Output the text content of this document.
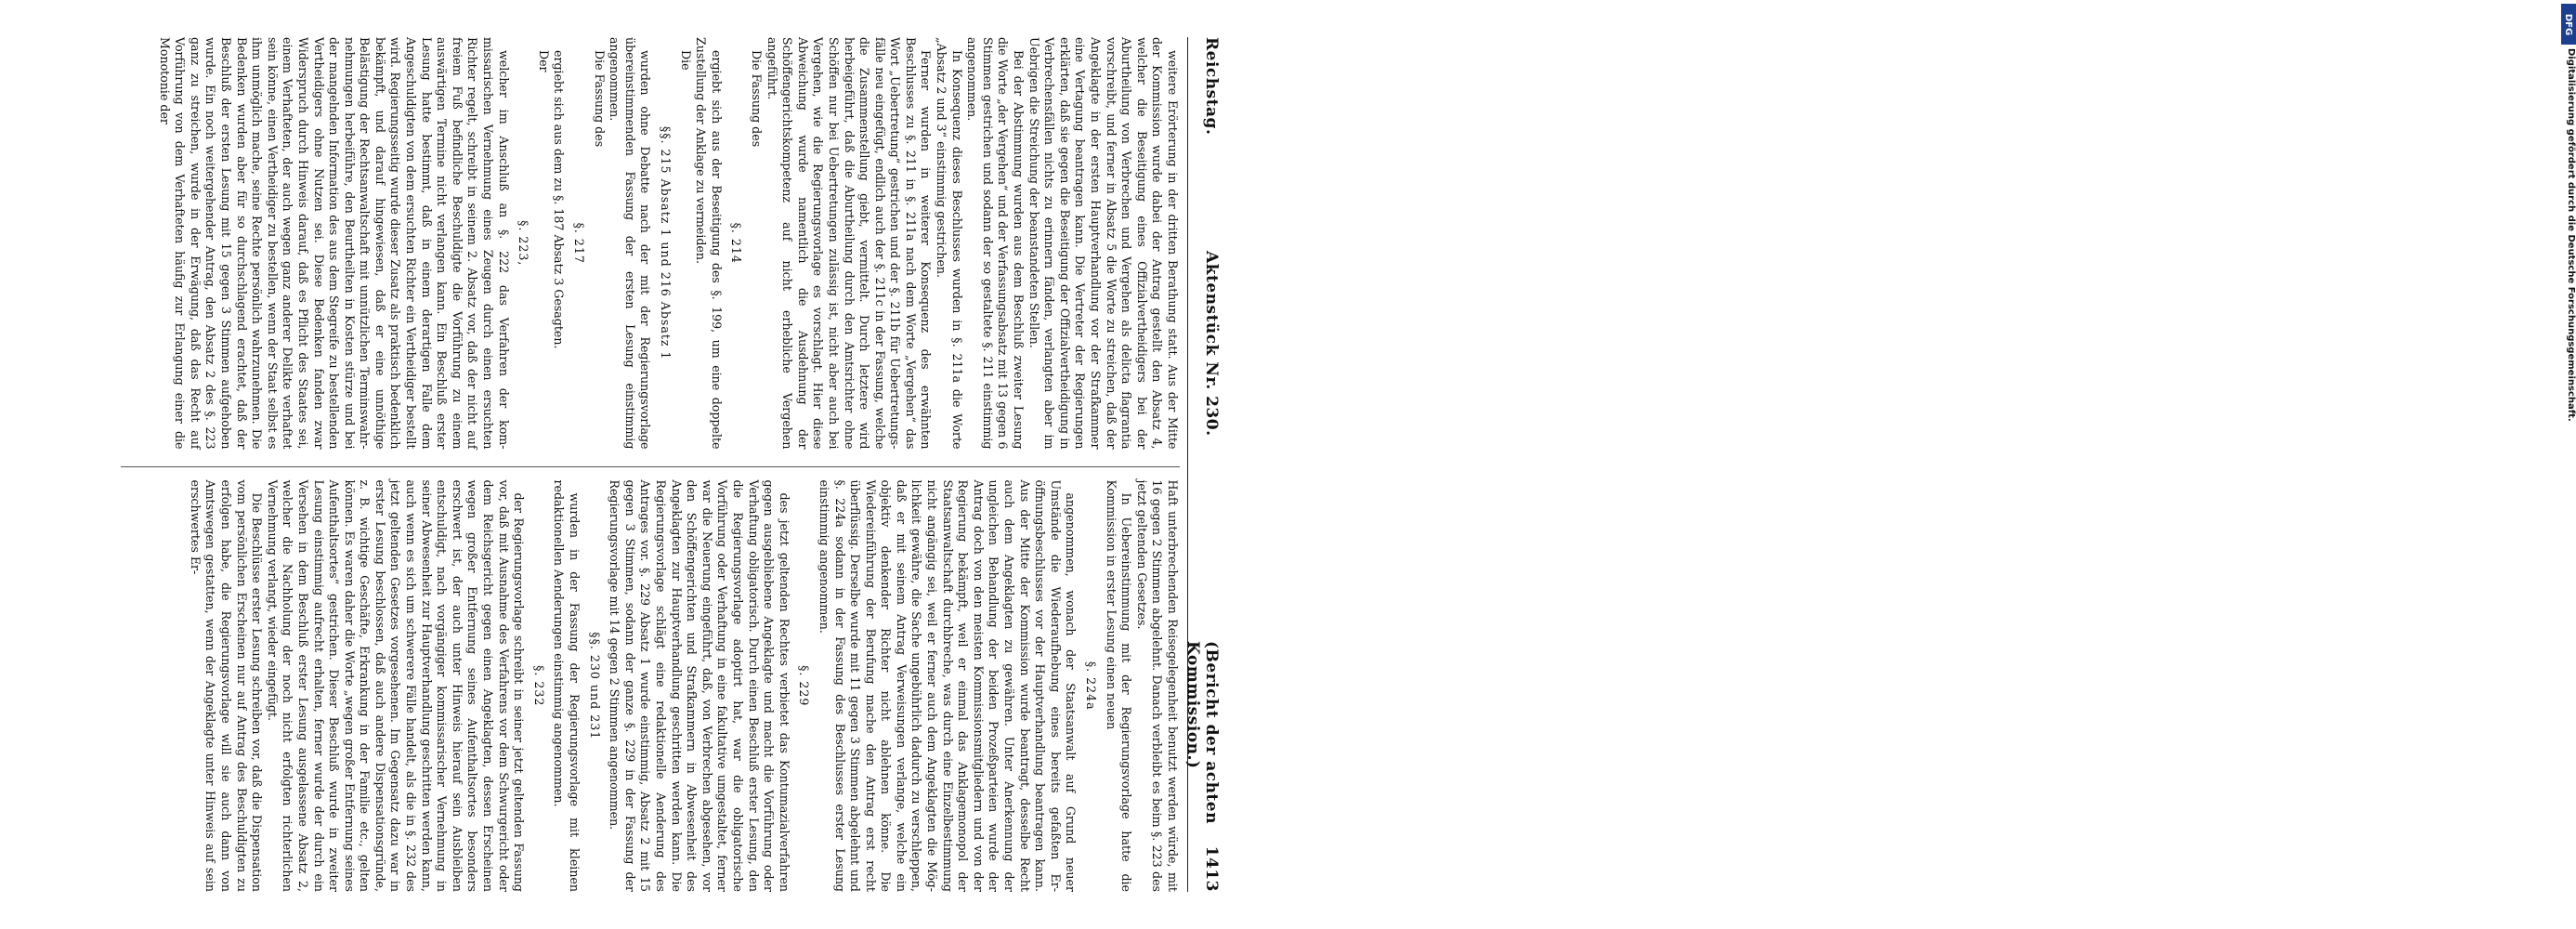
Reichstag.
Aktenstück Nr. 230.
(Bericht der achten Kommission.)
1413

weitere Erörterung in der dritten Berathung statt. Aus der Mitte der Kommission wurde dabei der Antrag gestellt den Absatz 4, welcher die Beseitigung eines Offizialvertheidigers bei der Aburtheilung von Verbrechen und Vergehen als delicta flagrantia vorschreibt, und ferner in Absatz 5 die Worte zu streichen, daß der Angeklagte in der ersten Hauptverhandlung vor der Strafkammer eine Vertagung beantragen kann. Die Vertreter der Regierungen erklärten, daß sie gegen die Beseitigung der Offizialvertheidigung in Verbrechensfällen nichts zu erinnern fänden, verlangten aber im Uebrigen die Streichung der beanstandeten Stellen.

Bei der Abstimmung wurden aus dem Beschluß zweiter Lesung die Worte „der Vergehen“ und der Verfassungsabsatz mit 13 gegen 6 Stimmen gestrichen und sodann der so gestaltete §. 211 einstimmig angenommen.

In Konsequenz dieses Beschlusses wurden in §. 211a die Worte „Absatz 2 und 3“ einstimmig gestrichen.

Ferner wurden in weiterer Konsequenz des erwähnten Beschlusses zu §. 211 in §. 211a nach dem Worte „Vergehen“ das Wort „Uebertretung“ gestrichen und der §. 211b für Uebertretungsfälle neu eingefügt, endlich auch der §. 211c in der Fassung, welche die Zusammenstellung giebt, vermittelt. Durch letztere wird herbeigeführt, daß die Aburtheilung durch den Amtsrichter ohne Schöffen nur bei Uebertretungen zulässig ist, nicht aber auch bei Vergehen, wie die Regierungsvorlage es vorschlagt. Hier diese Abweichung wurde namentlich die Ausdehnung der Schöffengerichtskompetenz auf nicht erhebliche Vergehen angeführt.

Die Fassung des

§. 214

ergiebt sich aus der Beseitigung des §. 199, um eine doppelte Zustellung der Anklage zu vermeiden.

Die

§§. 215 Absatz 1 und 216 Absatz 1

wurden ohne Debatte nach der mit der Regierungsvorlage übereinstimmenden Fassung der ersten Lesung einstimmig angenommen.

Die Fassung des

§. 217

ergiebt sich aus dem zu §. 187 Absatz 3 Gesagten.

Der

§. 223,

welcher im Anschluß an §. 222 das Verfahren der kommissarischen Vernehmung eines Zeugen durch einen ersuchten Richter regelt, schreibt in seinem 2. Absatz vor, daß der nicht auf freiem Fuß befindliche Beschuldigte die Vorführung zu einem auswärtigen Termine nicht verlangen kann. Ein Beschluß erster Lesung hatte bestimmt, daß in einem derartigen Falle dem Angeschuldigten von dem ersuchten Richter ein Vertheidiger bestellt wird. Regierungsseitig wurde dieser Zusatz als praktisch bedenklich bekämpft, und darauf hingewiesen, daß er eine unnöthige Belästigung der Rechtsanwaltschaft mit unnützlichen Terminswahrnehmungen herbeiführe, den Beurtheilten in Kosten stürze und bei der mangelnden Information des aus dem Stegreife zu bestellenden Vertheidigers ohne Nutzen sei. Diese Bedenken fanden zwar Widerspruch durch Hinweis darauf, daß es Pflicht des Staates sei, einem Verhafteten, der auch wegen ganz anderer Delikte verhaftet sein könne, einen Vertheidiger zu bestellen, wenn der Staat selbst es ihm unmöglich mache, seine Rechte persönlich wahrzunehmen. Die Bedenken wurden aber für so durchschlagend erachtet, daß der Beschluß der ersten Lesung mit 15 gegen 3 Stimmen aufgehoben wurde. Ein noch weitergehender Antrag, den Absatz 2 des §. 223 ganz zu streichen, wurde in der Erwägung, daß das Recht auf Vorführung von dem Verhafteten häufig zur Erlangung einer die Monotonie der

Haft unterbrechenden Reisegelegenheit benutzt werden würde, mit 16 gegen 2 Stimmen abgelehnt. Danach verbleibt es beim §. 223 des jetzt geltenden Gesetzes.

In Uebereinstimmung mit der Regierungsvorlage hatte die Kommission in erster Lesung einen neuen

§. 224a

angenommen, wonach der Staatsanwalt auf Grund neuer Umstände die Wiederaufhebung eines bereits gefaßten Eröffnungsbeschlusses vor der Hauptverhandlung beantragen kann. Aus der Mitte der Kommission wurde beantragt, desselbe Recht auch dem Angeklagten zu gewähren. Unter Anerkennung der ungleichen Behandlung der beiden Prozeßparteien wurde der Antrag doch von den meisten Kommissionsmitgliedern und von der Regierung bekämpft, weil er einmal das Anklagemonopol der Staatsanwaltschaft durchbreche, was durch eine Einzelbestimmung nicht angängig sei, weil er ferner auch dem Angeklagten die Möglichkeit gewähre, die Sache ungebührlich dadurch zu verschleppen, daß er mit seinem Antrag Verweisungen verlange, welche ein objektiv denkender Richter nicht ablehnen könne. Die Wiedereinführung der Berufung mache den Antrag erst recht überflüssig. Derselbe wurde mit 11 gegen 3 Stimmen abgelehnt und §. 224a sodann in der Fassung des Beschlusses erster Lesung einstimmig angenommen.

§. 229

des jetzt geltenden Rechtes verbietet das Kontumazialverfahren gegen ausgebliebene Angeklagte und macht die Vorführung oder Verhaftung obligatorisch. Durch einen Beschluß erster Lesung, den die Regierungsvorlage adoptirt hat, war die obligatorische Vorführung oder Verhaftung in eine fakultative umgestaltet, ferner war die Neuerung eingeführt, daß, von Verbrechen abgesehen, vor den Schöffengerichten und Strafkammern in Abwesenheit des Angeklagten zur Hauptverhandlung geschritten werden kann. Die Regierungsvorlage schlägt eine redaktionelle Aenderung des Antrages vor. §. 229 Absatz 1 wurde einstimmig, Absatz 2 mit 15 gegen 3 Stimmen, sodann der ganze §. 229 in der Fassung der Regierungsvorlage mit 14 gegen 2 Stimmen angenommen.

§§. 230 und 231

wurden in der Fassung der Regierungsvorlage mit kleinen redaktionellen Aenderungen einstimmig angenommen.

§. 232

der Regierungsvorlage schreibt in seiner jetzt geltenden Fassung vor, daß mit Ausnahme des Verfahrens vor dem Schwurgericht oder dem Reichsgericht gegen einen Angeklagten, dessen Erscheinen wegen großer Entfernung seines Aufenthaltsortes besonders erschwert ist, der auch unter Hinweis hierauf sein Ausbleiben entschuldigt, nach vorgängiger kommissarischer Vernehmung in seiner Abwesenheit zur Hauptverhandlung geschritten werden kann, auch wenn es sich um schwerere Fälle handelt, als die in §. 232 des jetzt geltenden Gesetzes vorgesehenen. Im Gegensatz dazu war in erster Lesung beschlossen, daß auch andere Dispensationsgründe, z. B. wichtige Geschäfte, Erkrankung in der Familie etc., gelten können. Es waren daher die Worte „wegen großer Entfernung seines Aufenthaltsortes“ gestrichen. Dieser Beschluß wurde in zweiter Lesung einstimmig aufrecht erhalten, ferner wurde der durch ein Versehen in dem Beschluß erster Lesung ausgelassene Absatz 2, welcher die Nachholung der noch nicht erfolgten richterlichen Vernehmung verlangt, wieder eingefügt.

Die Beschlüsse erster Lesung schreiben vor, daß die Dispensation vom persönlichen Erscheinen nur auf Antrag des Beschuldigten zu erfolgen habe, die Regierungsvorlage will sie auch dann von Amtswegen gestatten, wenn der Angeklagte unter Hinweis auf sein erschwertes Er-

DFG
Digitalisierung gefördert durch die Deutsche Forschungsgemeinschaft.
